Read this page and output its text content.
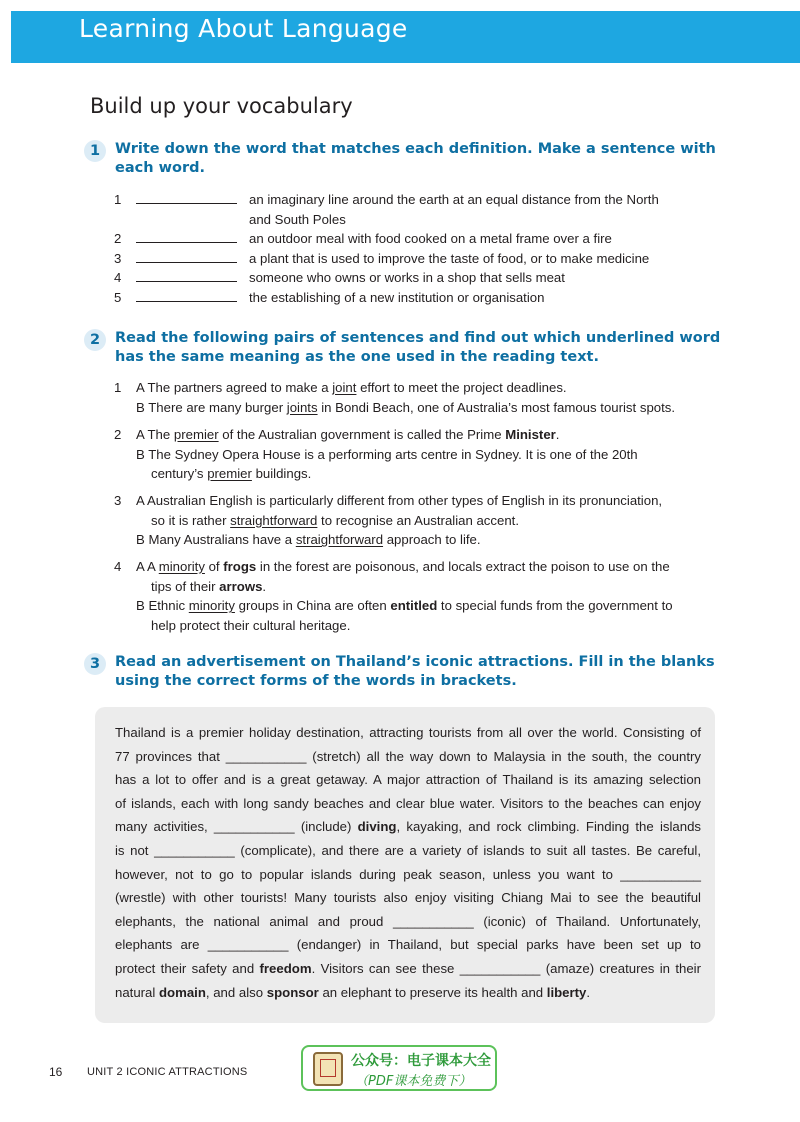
Learning About Language
Build up your vocabulary
1	Write down the word that matches each definition. Make a sentence with
each word.
1	an imaginary line around the earth at an equal distance from the North
and South Poles
2	an outdoor meal with food cooked on a metal frame over a fire
3	a plant that is used to improve the taste of food, or to make medicine
4	someone who owns or works in a shop that sells meat
5	the establishing of a new institution or organisation
2	Read the following pairs of sentences and find out which underlined word
has the same meaning as the one used in the reading text.
1	A The partners agreed to make a joint effort to meet the project deadlines.
B There are many burger joints in Bondi Beach, one of Australia’s most famous tourist spots.
2	A The premier of the Australian government is called the Prime Minister.
B The Sydney Opera House is a performing arts centre in Sydney. It is one of the 20th
century’s premier buildings.
3	A Australian English is particularly different from other types of English in its pronunciation,
so it is rather straightforward to recognise an Australian accent.
B Many Australians have a straightforward approach to life.
4	A A minority of frogs in the forest are poisonous, and locals extract the poison to use on the
tips of their arrows.
B Ethnic minority groups in China are often entitled to special funds from the government to
help protect their cultural heritage.
3	Read an advertisement on Thailand’s iconic attractions. Fill in the blanks
using the correct forms of the words in brackets.
Thailand is a premier holiday destination, attracting tourists from all over the world. Consisting of
77 provinces that ___________ (stretch) all the way down to Malaysia in the south, the country
has a lot to offer and is a great getaway. A major attraction of Thailand is its amazing selection
of islands, each with long sandy beaches and clear blue water. Visitors to the beaches can enjoy
many activities, ___________ (include) diving, kayaking, and rock climbing. Finding the islands
is not ___________ (complicate), and there are a variety of islands to suit all tastes. Be careful,
however, not to go to popular islands during peak season, unless you want to ___________
(wrestle) with other tourists! Many tourists also enjoy visiting Chiang Mai to see the beautiful
elephants, the national animal and proud ___________ (iconic) of Thailand. Unfortunately,
elephants are ___________ (endanger) in Thailand, but special parks have been set up to
protect their safety and freedom. Visitors can see these ___________ (amaze) creatures in their
natural domain, and also sponsor an elephant to preserve its health and liberty.
16 UNIT 2 ICONIC ATTRACTIONS
公众号：电子课本大全
（PDF课本免费下）
